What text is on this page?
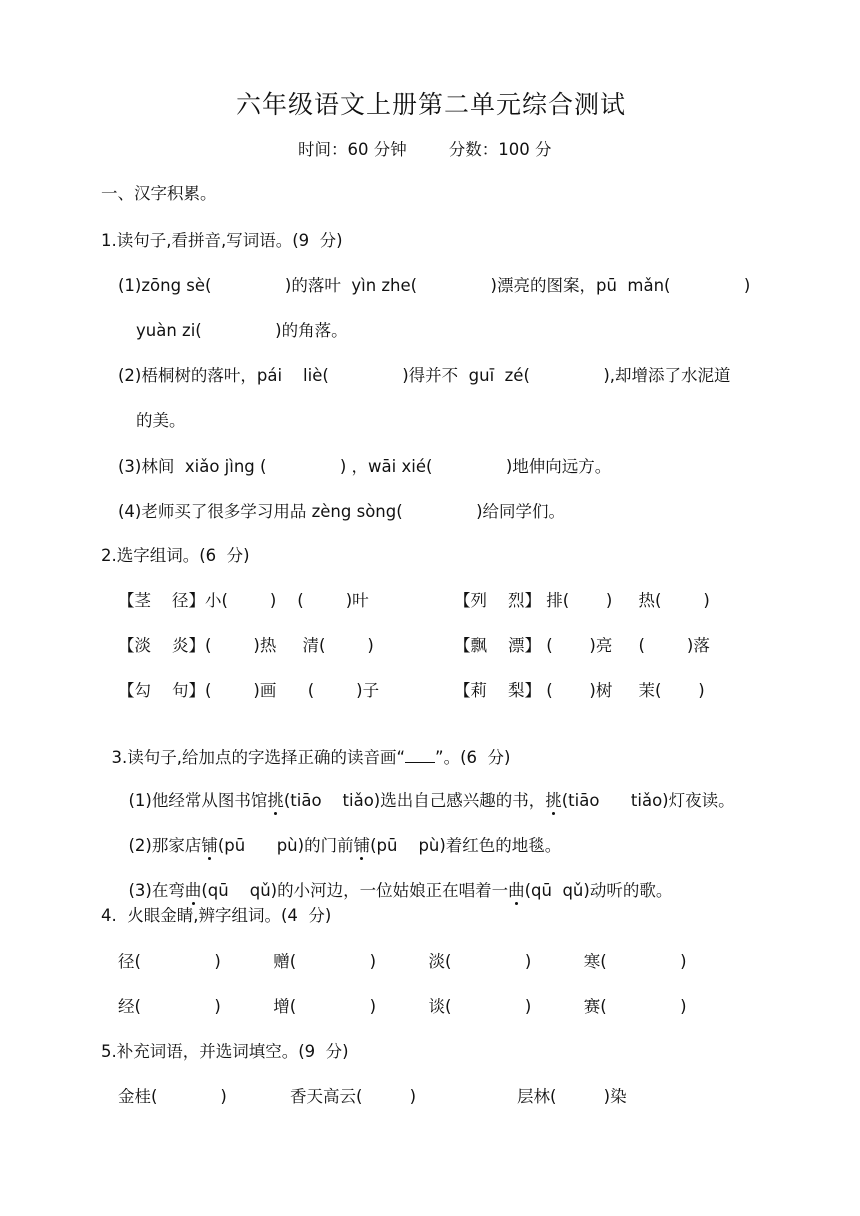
六年级语文上册第二单元综合测试
时间：60 分钟        分数：100 分
一、汉字积累。
1.读句子,看拼音,写词语。(9  分)
(1)zōng sè(              )的落叶  yìn zhe(              )漂亮的图案，pū  mǎn(              )
yuàn zi(              )的角落。
(2)梧桐树的落叶，pái    liè(              )得并不  guī  zé(              ),却增添了水泥道
的美。
(3)林间  xiǎo jìng (              ) ，wāi xié(              )地伸向远方。
(4)老师买了很多学习用品 zèng sòng(              )给同学们。
2.选字组词。(6  分)
【茎    径】小(        )    (        )叶	【列    烈】 排(       )     热(        )
【淡    炎】(        )热     清(        )	【飘    漂】 (       )亮     (        )落
【勾    句】(        )画      (        )子	【莉    梨】 (       )树     茉(       )

3.读句子,给加点的字选择正确的读音画“ ”。(6  分)

(1)他经常从图书馆挑(tiāo    tiǎo)选出自己感兴趣的书，挑(tiāo      tiǎo)灯夜读。

(2)那家店铺(pū      pù)的门前铺(pū    pù)着红色的地毯。

(3)在弯曲(qū    qǔ)的小河边，一位姑娘正在唱着一曲(qū  qǔ)动听的歌。

4.  火眼金睛,辨字组词。(4  分)
径(              )          赠(              )          淡(              )          寒(              )
经(              )          增(              )          谈(              )          赛(              )
5.补充词语，并选词填空。(9  分)
金桂(            )	香天高云(         )	层林(         )染
